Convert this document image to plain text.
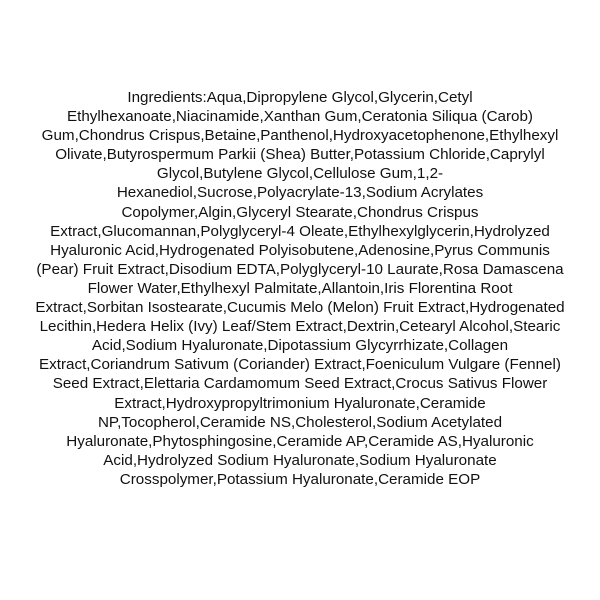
Ingredients:Aqua,Dipropylene Glycol,Glycerin,Cetyl
Ethylhexanoate,Niacinamide,Xanthan Gum,Ceratonia Siliqua (Carob)
Gum,Chondrus Crispus,Betaine,Panthenol,Hydroxyacetophenone,Ethylhexyl
Olivate,Butyrospermum Parkii (Shea) Butter,Potassium Chloride,Caprylyl
Glycol,Butylene Glycol,Cellulose Gum,1,2-
Hexanediol,Sucrose,Polyacrylate-13,Sodium Acrylates
Copolymer,Algin,Glyceryl Stearate,Chondrus Crispus
Extract,Glucomannan,Polyglyceryl-4 Oleate,Ethylhexylglycerin,Hydrolyzed
Hyaluronic Acid,Hydrogenated Polyisobutene,Adenosine,Pyrus Communis
(Pear) Fruit Extract,Disodium EDTA,Polyglyceryl-10 Laurate,Rosa Damascena
Flower Water,Ethylhexyl Palmitate,Allantoin,Iris Florentina Root
Extract,Sorbitan Isostearate,Cucumis Melo (Melon) Fruit Extract,Hydrogenated
Lecithin,Hedera Helix (Ivy) Leaf/Stem Extract,Dextrin,Cetearyl Alcohol,Stearic
Acid,Sodium Hyaluronate,Dipotassium Glycyrrhizate,Collagen
Extract,Coriandrum Sativum (Coriander) Extract,Foeniculum Vulgare (Fennel)
Seed Extract,Elettaria Cardamomum Seed Extract,Crocus Sativus Flower
Extract,Hydroxypropyltrimonium Hyaluronate,Ceramide
NP,Tocopherol,Ceramide NS,Cholesterol,Sodium Acetylated
Hyaluronate,Phytosphingosine,Ceramide AP,Ceramide AS,Hyaluronic
Acid,Hydrolyzed Sodium Hyaluronate,Sodium Hyaluronate
Crosspolymer,Potassium Hyaluronate,Ceramide EOP
